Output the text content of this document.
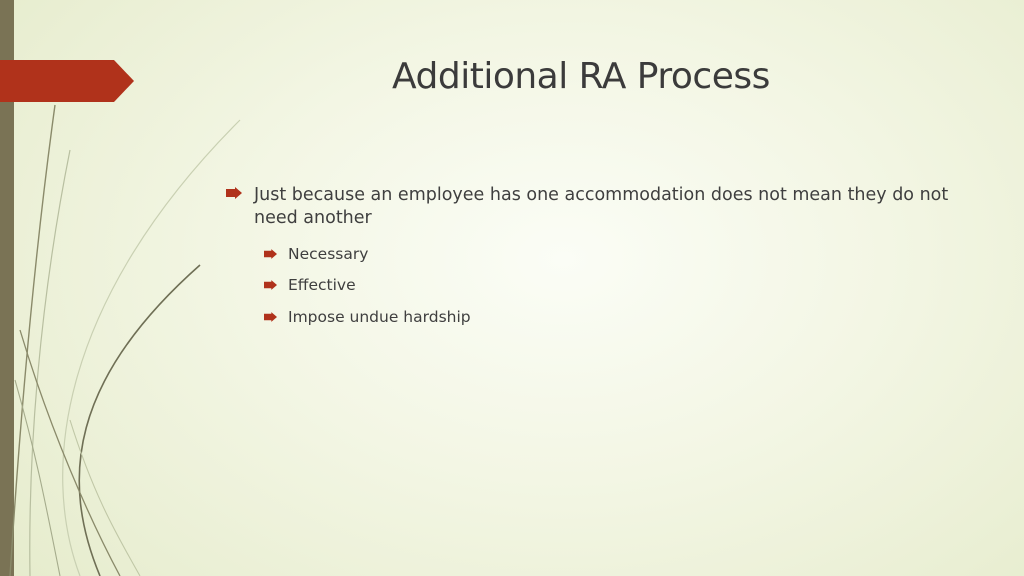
Additional RA Process
Just because an employee has one accommodation does not mean they do not need another
Necessary
Effective
Impose undue hardship
